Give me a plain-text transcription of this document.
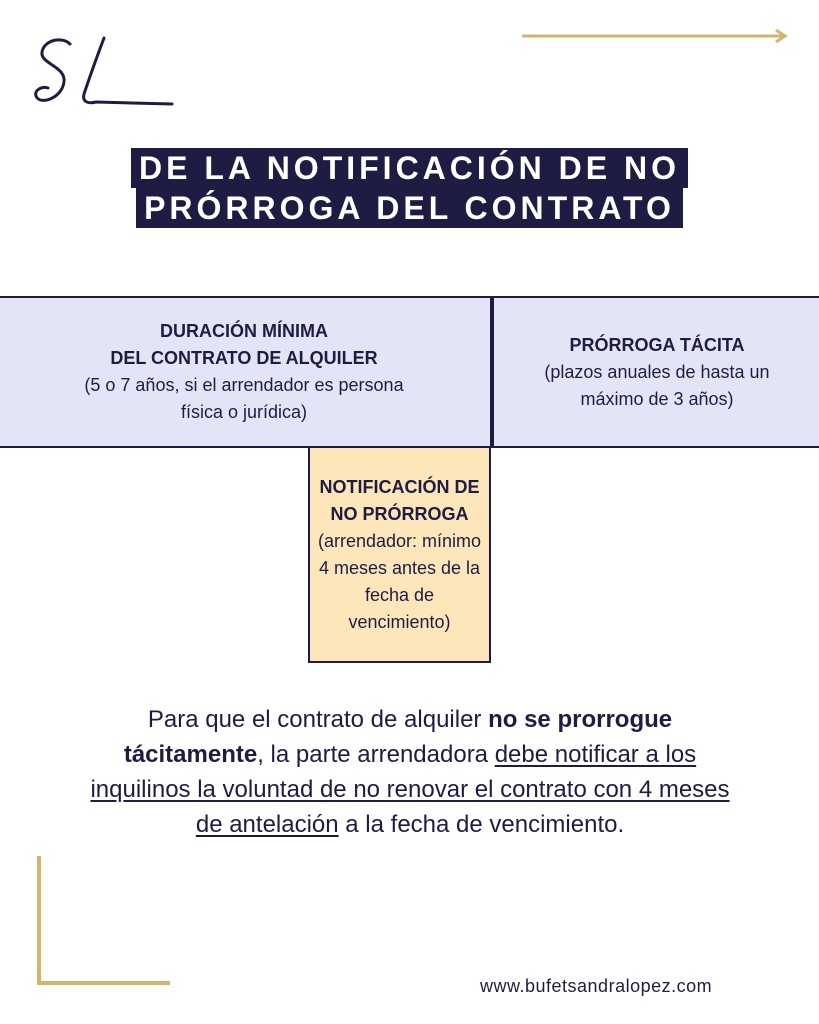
DE LA NOTIFICACIÓN DE NO
PRÓRROGA DEL CONTRATO
DURACIÓN MÍNIMA
DEL CONTRATO DE ALQUILER
(5 o 7 años, si el arrendador es persona física o jurídica)
PRÓRROGA TÁCITA
(plazos anuales de hasta un máximo de 3 años)
NOTIFICACIÓN DE NO PRÓRROGA
(arrendador: mínimo 4 meses antes de la fecha de vencimiento)
Para que el contrato de alquiler no se prorrogue tácitamente, la parte arrendadora debe notificar a los inquilinos la voluntad de no renovar el contrato con 4 meses de antelación a la fecha de vencimiento.
www.bufetsandralopez.com
